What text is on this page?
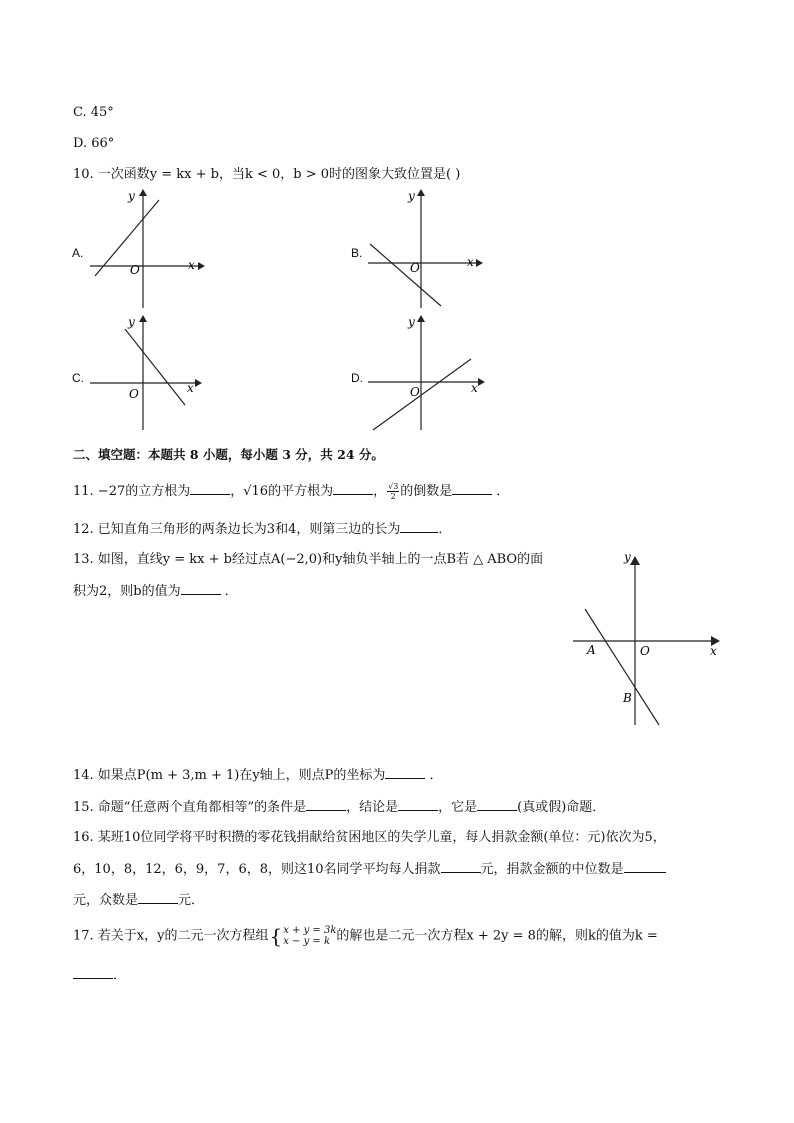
C. 45°
D. 66°
10. 一次函数y = kx + b，当k < 0，b > 0时的图象大致位置是( )
A.
y
x
O
B.
y
x
O
C.
y
x
O
D.
y
x
O
二、填空题：本题共 8 小题，每小题 3 分，共 24 分。
11. −27的立方根为	，√16的平方根为	， $\frac{√3}{2}$ 的倒数是	．
12. 已知直角三角形的两条边长为3和4，则第三边的长为	．
13. 如图，直线y = kx + b经过点A(−2,0)和y轴负半轴上的一点B若 △ ABO的面
积为2，则b的值为	．
y
x
A	O
B
14. 如果点P(m + 3,m + 1)在y轴上，则点P的坐标为	．
15. 命题“任意两个直角都相等”的条件是	，结论是	，它是	(真或假)命题．
16. 某班10位同学将平时积攒的零花钱捐献给贫困地区的失学儿童，每人捐款金额(单位：元)依次为5，
6，10，8，12，6，9，7，6，8，则这10名同学平均每人捐款	元，捐款金额的中位数是
元，众数是	元．
17. 若关于x，y的二元一次方程组{ x + y = 3k
x − y = k 的解也是二元一次方程x + 2y = 8的解，则k的值为k =
．
